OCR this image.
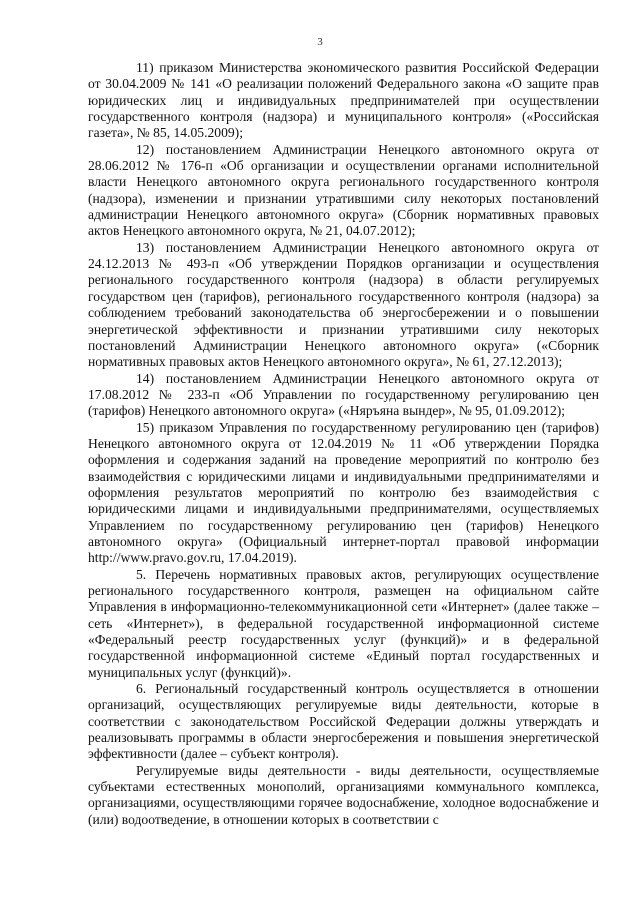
3

11) приказом Министерства экономического развития Российской Федерации от 30.04.2009 № 141 «О реализации положений Федерального закона «О защите прав юридических лиц и индивидуальных предпринимателей при осуществлении государственного контроля (надзора) и муниципального контроля» («Российская газета», № 85, 14.05.2009);

12) постановлением Администрации Ненецкого автономного округа от 28.06.2012 № 176-п «Об организации и осуществлении органами исполнительной власти Ненецкого автономного округа регионального государственного контроля (надзора), изменении и признании утратившими силу некоторых постановлений администрации Ненецкого автономного округа» (Сборник нормативных правовых актов Ненецкого автономного округа, № 21, 04.07.2012);

13) постановлением Администрации Ненецкого автономного округа от 24.12.2013 № 493-п «Об утверждении Порядков организации и осуществления регионального государственного контроля (надзора) в области регулируемых государством цен (тарифов), регионального государственного контроля (надзора) за соблюдением требований законодательства об энергосбережении и о повышении энергетической эффективности и признании утратившими силу некоторых постановлений Администрации Ненецкого автономного округа» («Сборник нормативных правовых актов Ненецкого автономного округа», № 61, 27.12.2013);

14) постановлением Администрации Ненецкого автономного округа от 17.08.2012 № 233-п «Об Управлении по государственному регулированию цен (тарифов) Ненецкого автономного округа» («Няръяна вындер», № 95, 01.09.2012);

15) приказом Управления по государственному регулированию цен (тарифов) Ненецкого автономного округа от 12.04.2019 № 11 «Об утверждении Порядка оформления и содержания заданий на проведение мероприятий по контролю без взаимодействия с юридическими лицами и индивидуальными предпринимателями и оформления результатов мероприятий по контролю без взаимодействия с юридическими лицами и индивидуальными предпринимателями, осуществляемых Управлением по государственному регулированию цен (тарифов) Ненецкого автономного округа» (Официальный интернет-портал правовой информации http://www.pravo.gov.ru, 17.04.2019).

5. Перечень нормативных правовых актов, регулирующих осуществление регионального государственного контроля, размещен на официальном сайте Управления в информационно-телекоммуникационной сети «Интернет» (далее также – сеть «Интернет»), в федеральной государственной информационной системе «Федеральный реестр государственных услуг (функций)» и в федеральной государственной информационной системе «Единый портал государственных и муниципальных услуг (функций)».

6. Региональный государственный контроль осуществляется в отношении организаций, осуществляющих регулируемые виды деятельности, которые в соответствии с законодательством Российской Федерации должны утверждать и реализовывать программы в области энергосбережения и повышения энергетической эффективности (далее – субъект контроля).

Регулируемые виды деятельности - виды деятельности, осуществляемые субъектами естественных монополий, организациями коммунального комплекса, организациями, осуществляющими горячее водоснабжение, холодное водоснабжение и (или) водоотведение, в отношении которых в соответствии с
